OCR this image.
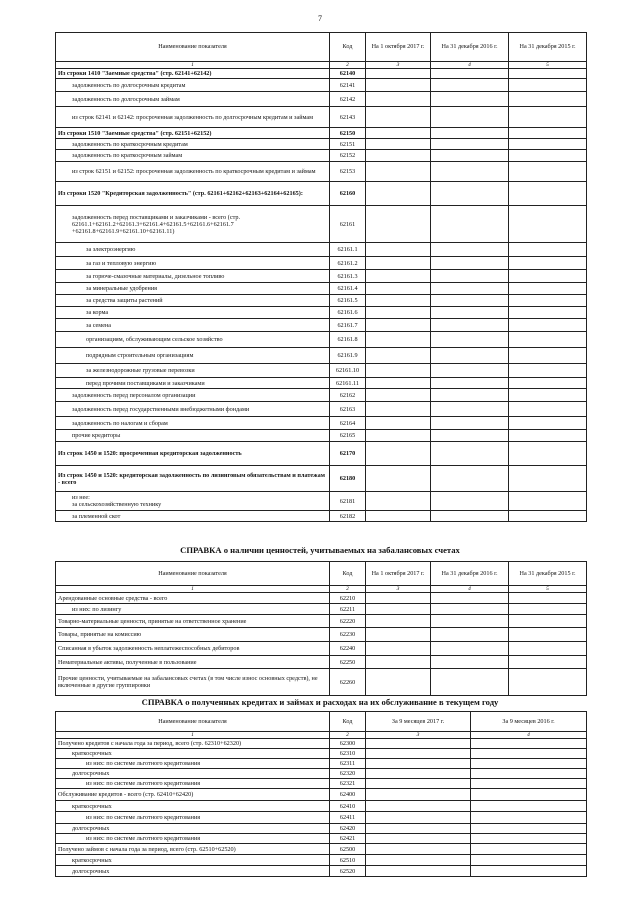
7
Наименование показателя	Код	На 1 октября 2017 г.	На 31 декабря 2016 г.	На 31 декабря 2015 г.
1	2	3	4	5
Из строки 1410 "Заемные средства" (стр. 62141+62142)	62140			
задолженность по долгосрочным кредитам	62141			
задолженность по долгосрочным займам	62142			
из строк 62141 и 62142: просроченная задолженность по долгосрочным кредитам и займам	62143			
Из строки 1510 "Заемные средства" (стр. 62151+62152)	62150			
задолженность по краткосрочным кредитам	62151			
задолженность по краткосрочным займам	62152			
из строк 62151 и 62152: просроченная задолженность по краткосрочным кредитам и займам	62153			
Из строки 1520 "Кредиторская задолженность" (стр. 62161+62162+62163+62164+62165):	62160			
задолженность перед поставщиками и заказчиками - всего (стр. 62161.1+62161.2+62161.3+62161.4+62161.5+62161.6+62161.7 +62161.8+62161.9+62161.10+62161.11)	62161			
за электроэнергию	62161.1			
за газ и тепловую энергию	62161.2			
за горюче-смазочные материалы, дизельное топливо	62161.3			
за минеральные удобрения	62161.4			
за средства защиты растений	62161.5			
за корма	62161.6			
за семена	62161.7			
организациям, обслуживающим сельское хозяйство	62161.8			
подрядным строительным организациям	62161.9			
за железнодорожные грузовые перевозки	62161.10			
перед прочими поставщиками и заказчиками	62161.11			
задолженность перед персоналом организации	62162			
задолженность перед государственными внебюджетными фондами	62163			
задолженность по налогам и сборам	62164			
прочие кредиторы	62165			
Из строк 1450 и 1520: просроченная кредиторская задолженность	62170			
Из строк 1450 и 1520: кредиторская задолженность по лизинговым обязательствам и платежам - всего	62180			
из нее:
за сельскохозяйственную технику	62181			
за племенной скот	62182			
СПРАВКА о наличии ценностей, учитываемых на забалансовых счетах
Наименование показателя	Код	На 1 октября 2017 г.	На 31 декабря 2016 г.	На 31 декабря 2015 г.
1	2	3	4	5
Арендованные основные средства - всего	62210			
из них: по лизингу	62211			
Товарно-материальные ценности, принятые на ответственное хранение	62220			
Товары, принятые на комиссию	62230			
Списанная в убыток задолженность неплатежеспособных дебиторов	62240			
Нематериальные активы, полученные в пользование	62250			
Прочие ценности, учитываемые на забалансовых счетах (в том числе износ основных средств), не включенные в другие группировки	62260			
СПРАВКА о полученных кредитах и займах и расходах на их обслуживание в текущем году
Наименование показателя	Код	За 9 месяцев 2017 г.	За 9 месяцев 2016 г.
1	2	3	4
Получено кредитов с начала года за период, всего (стр. 62310+62320)	62300		
краткосрочных	62310		
из них: по системе льготного кредитования	62311		
долгосрочных	62320		
из них: по системе льготного кредитования	62321		
Обслуживание кредитов - всего (стр. 62410+62420)	62400		
краткосрочных	62410		
из них: по системе льготного кредитования	62411		
долгосрочных	62420		
из них: по системе льготного кредитования	62421		
Получено займов с начала года за период, всего (стр. 62510+62520)	62500		
краткосрочных	62510		
долгосрочных	62520		
